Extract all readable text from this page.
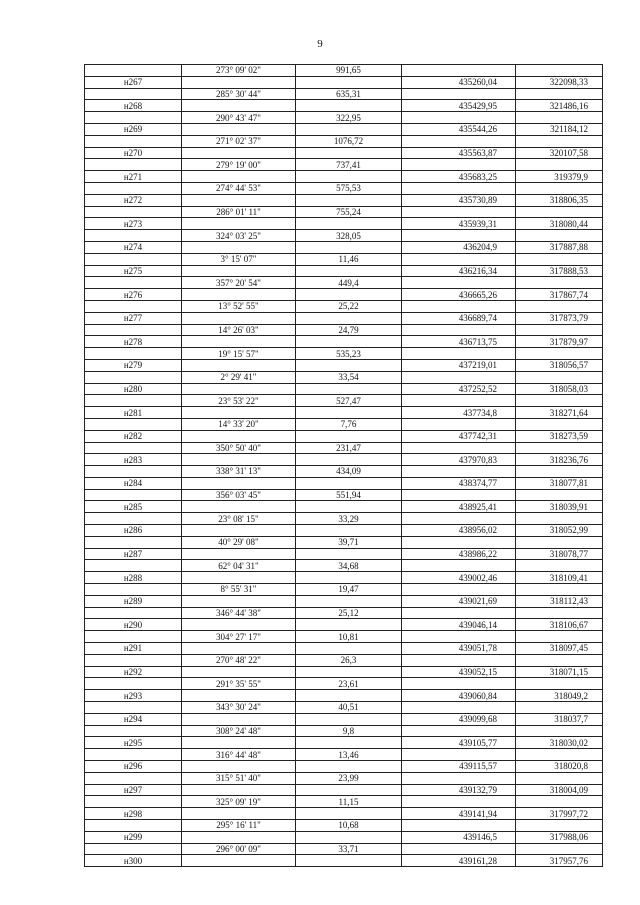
9
	273° 09' 02"	991,65		
н267			435260,04	322098,33
	285° 30' 44"	635,31		
н268			435429,95	321486,16
	290° 43' 47"	322,95		
н269			435544,26	321184,12
	271° 02' 37"	1076,72		
н270			435563,87	320107,58
	279° 19' 00"	737,41		
н271			435683,25	319379,9
	274° 44' 53"	575,53		
н272			435730,89	318806,35
	286° 01' 11"	755,24		
н273			435939,31	318080,44
	324° 03' 25"	328,05		
н274			436204,9	317887,88
	3° 15' 07"	11,46		
н275			436216,34	317888,53
	357° 20' 54"	449,4		
н276			436665,26	317867,74
	13° 52' 55"	25,22		
н277			436689,74	317873,79
	14° 26' 03"	24,79		
н278			436713,75	317879,97
	19° 15' 57"	535,23		
н279			437219,01	318056,57
	2° 29' 41"	33,54		
н280			437252,52	318058,03
	23° 53' 22"	527,47		
н281			437734,8	318271,64
	14° 33' 20"	7,76		
н282			437742,31	318273,59
	350° 50' 40"	231,47		
н283			437970,83	318236,76
	338° 31' 13"	434,09		
н284			438374,77	318077,81
	356° 03' 45"	551,94		
н285			438925,41	318039,91
	23° 08' 15"	33,29		
н286			438956,02	318052,99
	40° 29' 08"	39,71		
н287			438986,22	318078,77
	62° 04' 31"	34,68		
н288			439002,46	318109,41
	8° 55' 31"	19,47		
н289			439021,69	318112,43
	346° 44' 38"	25,12		
н290			439046,14	318106,67
	304° 27' 17"	10,81		
н291			439051,78	318097,45
	270° 48' 22"	26,3		
н292			439052,15	318071,15
	291° 35' 55"	23,61		
н293			439060,84	318049,2
	343° 30' 24"	40,51		
н294			439099,68	318037,7
	308° 24' 48"	9,8		
н295			439105,77	318030,02
	316° 44' 48"	13,46		
н296			439115,57	318020,8
	315° 51' 40"	23,99		
н297			439132,79	318004,09
	325° 09' 19"	11,15		
н298			439141,94	317997,72
	295° 16' 11"	10,68		
н299			439146,5	317988,06
	296° 00' 09"	33,71		
н300			439161,28	317957,76
